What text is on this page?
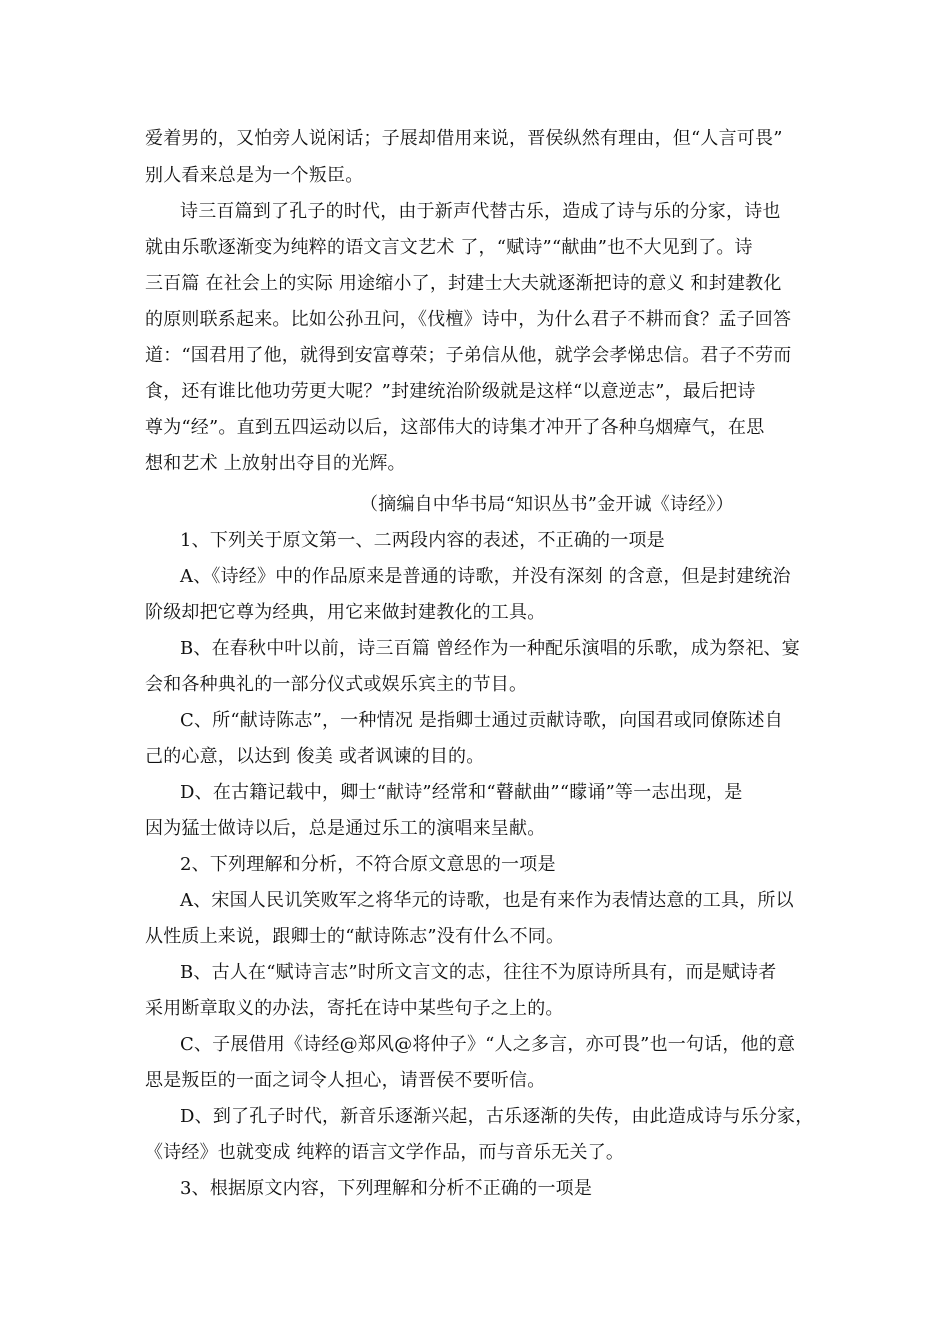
爱着男的，又怕旁人说闲话；子展却借用来说，晋侯纵然有理由，但“人言可畏”
别人看来总是为一个叛臣。
诗三百篇到了孔子的时代，由于新声代替古乐，造成了诗与乐的分家，诗也
就由乐歌逐渐变为纯粹的语文言文艺术 了，“赋诗”“献曲”也不大见到了。诗
三百篇 在社会上的实际 用途缩小了，封建士大夫就逐渐把诗的意义 和封建教化
的原则联系起来。比如公孙丑问，《伐檀》诗中，为什么君子不耕而食？孟子回答
道：“国君用了他，就得到安富尊荣；子弟信从他，就学会孝悌忠信。君子不劳而
食，还有谁比他功劳更大呢？”封建统治阶级就是这样“以意逆志”，最后把诗
尊为“经”。直到五四运动以后，这部伟大的诗集才冲开了各种乌烟瘴气，在思
想和艺术 上放射出夺目的光辉。
（摘编自中华书局“知识丛书”金开诚《诗经》）
1、下列关于原文第一、二两段内容的表述，不正确的一项是
A、《诗经》中的作品原来是普通的诗歌，并没有深刻 的含意，但是封建统治
阶级却把它尊为经典，用它来做封建教化的工具。
B、在春秋中叶以前，诗三百篇 曾经作为一种配乐演唱的乐歌，成为祭祀、宴
会和各种典礼的一部分仪式或娱乐宾主的节目。
C、所“献诗陈志”，一种情况 是指卿士通过贡献诗歌，向国君或同僚陈述自
己的心意，以达到 俊美 或者讽谏的目的。
D、在古籍记载中，卿士“献诗”经常和“瞽献曲”“矇诵”等一志出现，是
因为猛士做诗以后，总是通过乐工的演唱来呈献。
2、下列理解和分析，不符合原文意思的一项是
A、宋国人民讥笑败军之将华元的诗歌，也是有来作为表情达意的工具，所以
从性质上来说，跟卿士的“献诗陈志”没有什么不同。
B、古人在“赋诗言志”时所文言文的志，往往不为原诗所具有，而是赋诗者
采用断章取义的办法，寄托在诗中某些句子之上的。
C、子展借用《诗经@郑风@将仲子》“人之多言，亦可畏”也一句话，他的意
思是叛臣的一面之词令人担心，请晋侯不要听信。
D、到了孔子时代，新音乐逐渐兴起，古乐逐渐的失传，由此造成诗与乐分家，
《诗经》也就变成 纯粹的语言文学作品，而与音乐无关了。
3、根据原文内容，下列理解和分析不正确的一项是
